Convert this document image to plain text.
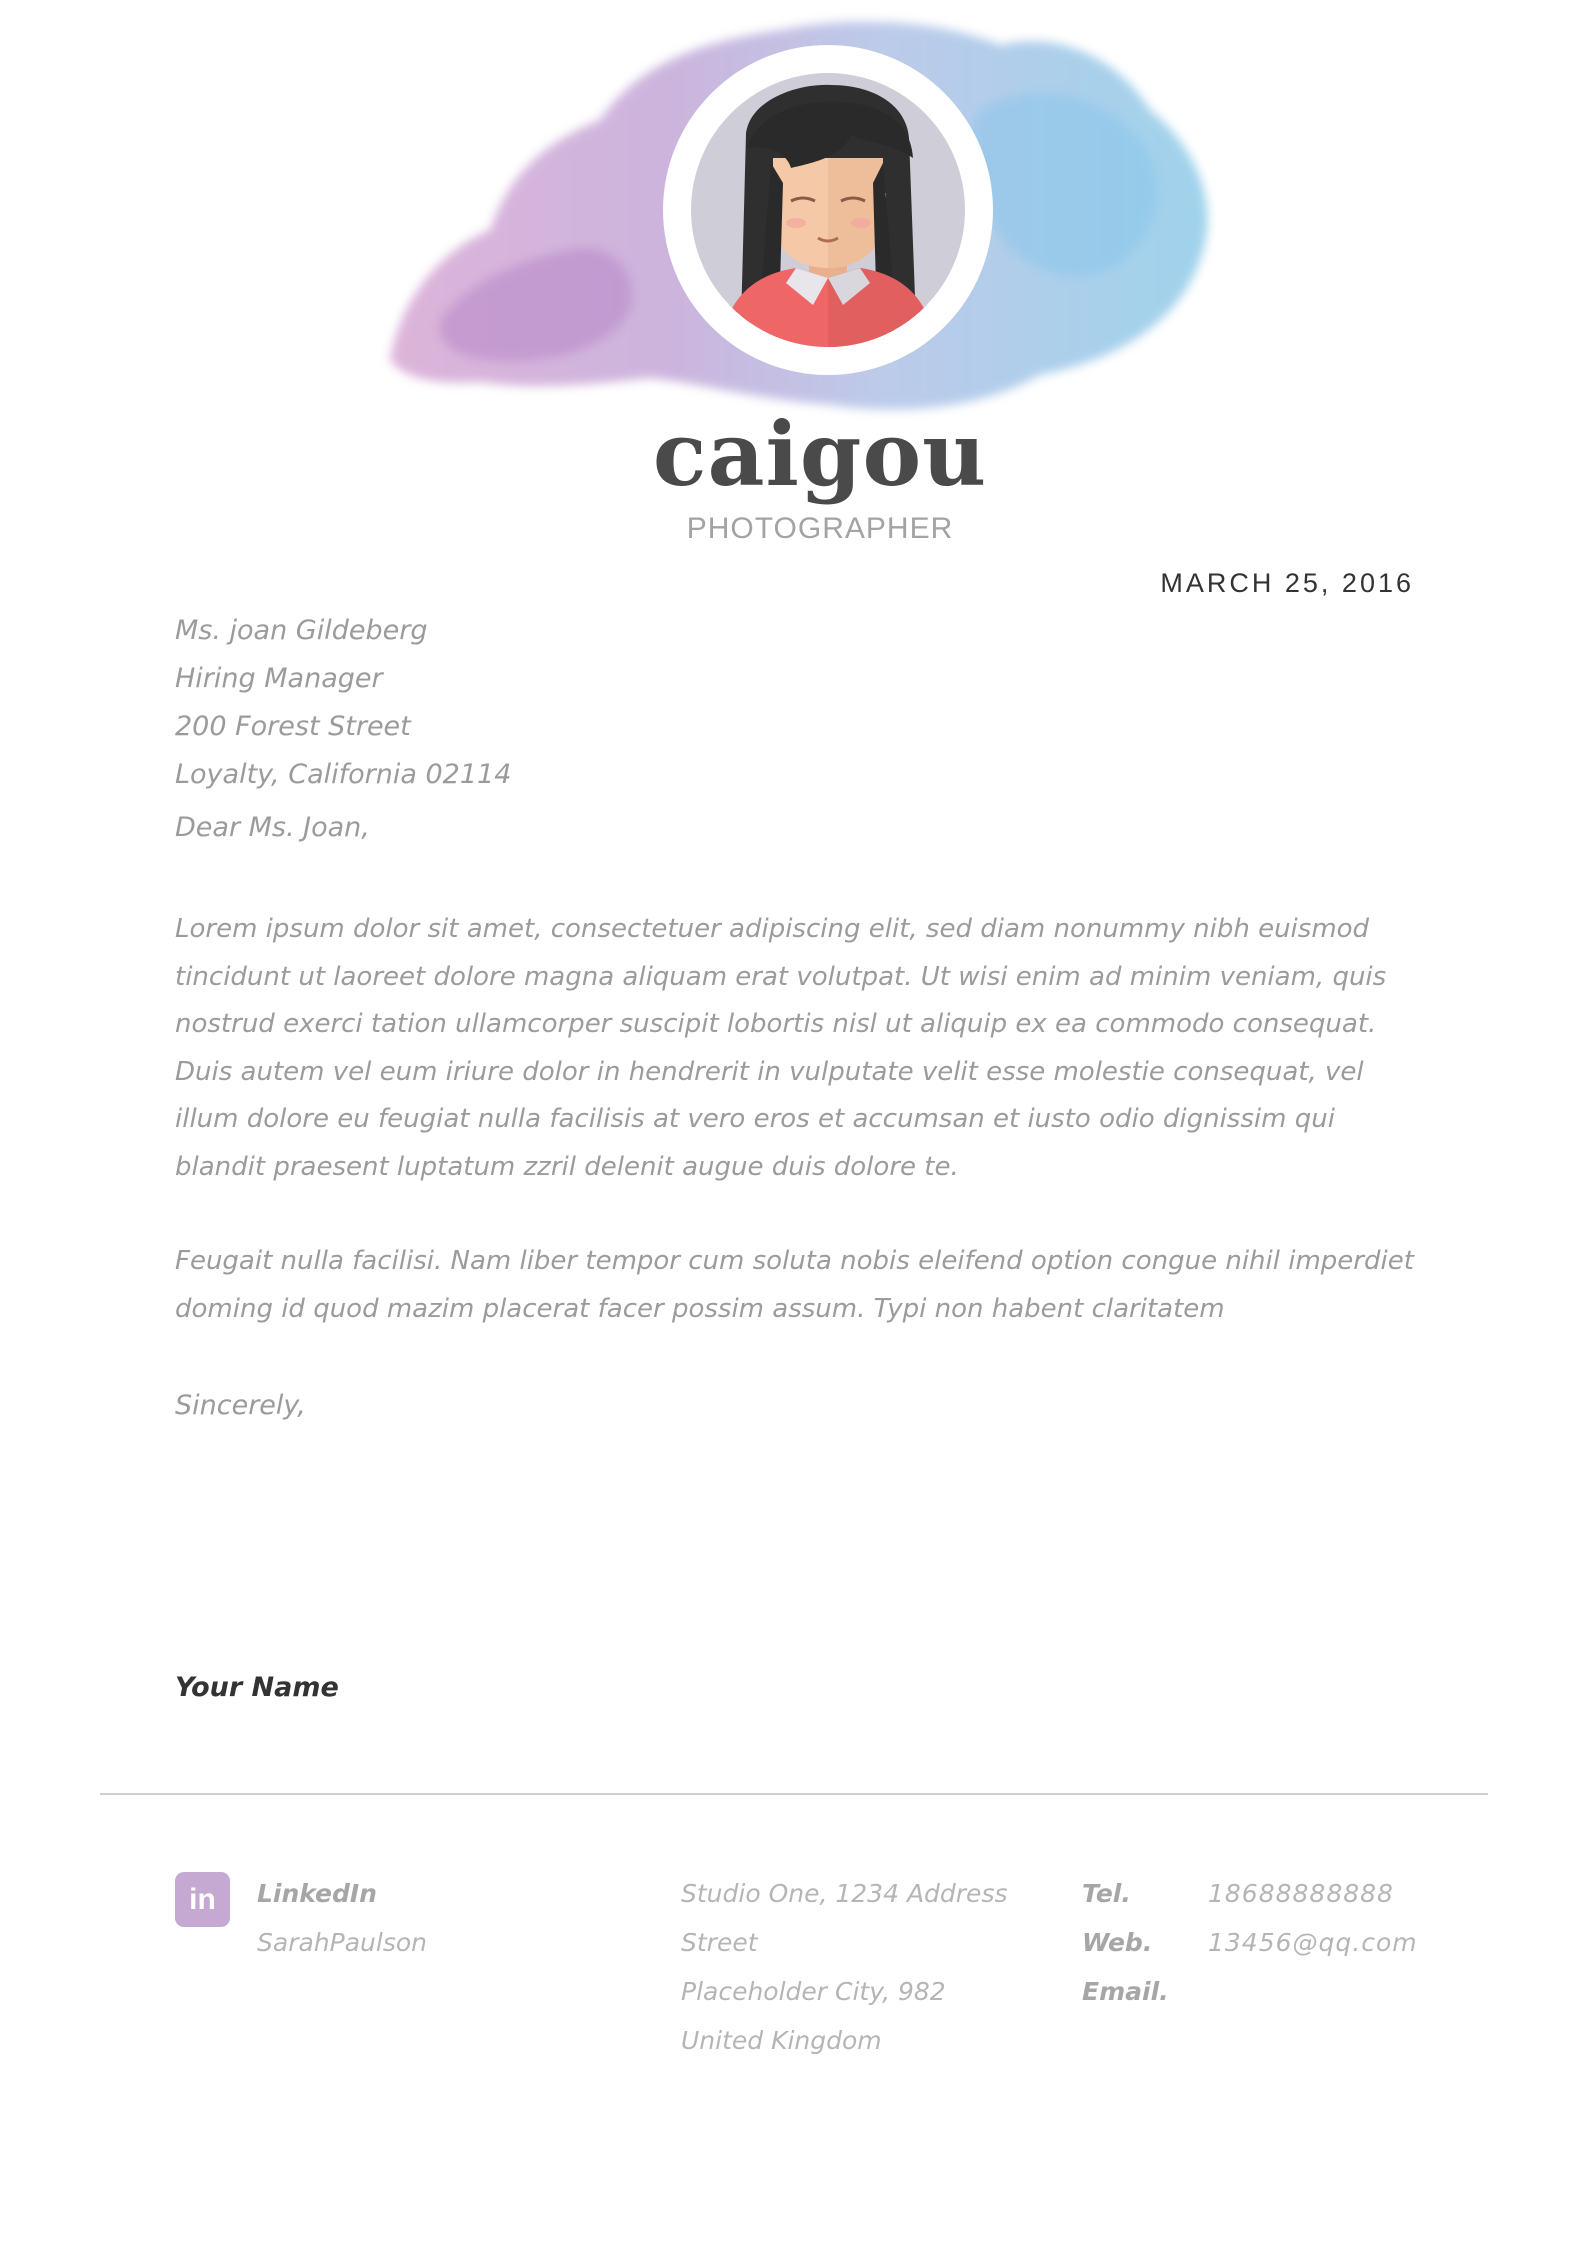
caigou
PHOTOGRAPHER
MARCH 25, 2016
Ms. joan Gildeberg
Hiring Manager
200 Forest Street
Loyalty, California 02114
Dear Ms. Joan,
Lorem ipsum dolor sit amet, consectetuer adipiscing elit, sed diam nonummy nibh euismod tincidunt ut laoreet dolore magna aliquam erat volutpat. Ut wisi enim ad minim veniam, quis nostrud exerci tation ullamcorper suscipit lobortis nisl ut aliquip ex ea commodo consequat. Duis autem vel eum iriure dolor in hendrerit in vulputate velit esse molestie consequat, vel illum dolore eu feugiat nulla facilisis at vero eros et accumsan et iusto odio dignissim qui blandit praesent luptatum zzril delenit augue duis dolore te.
Feugait nulla facilisi. Nam liber tempor cum soluta nobis eleifend option congue nihil imperdiet doming id quod mazim placerat facer possim assum. Typi non habent claritatem
Sincerely,
Your Name
in	LinkedIn
SarahPaulson
Studio One, 1234 Address
Street
Placeholder City, 982
United Kingdom
Tel.
Web.
Email.
18688888888
13456@qq.com
